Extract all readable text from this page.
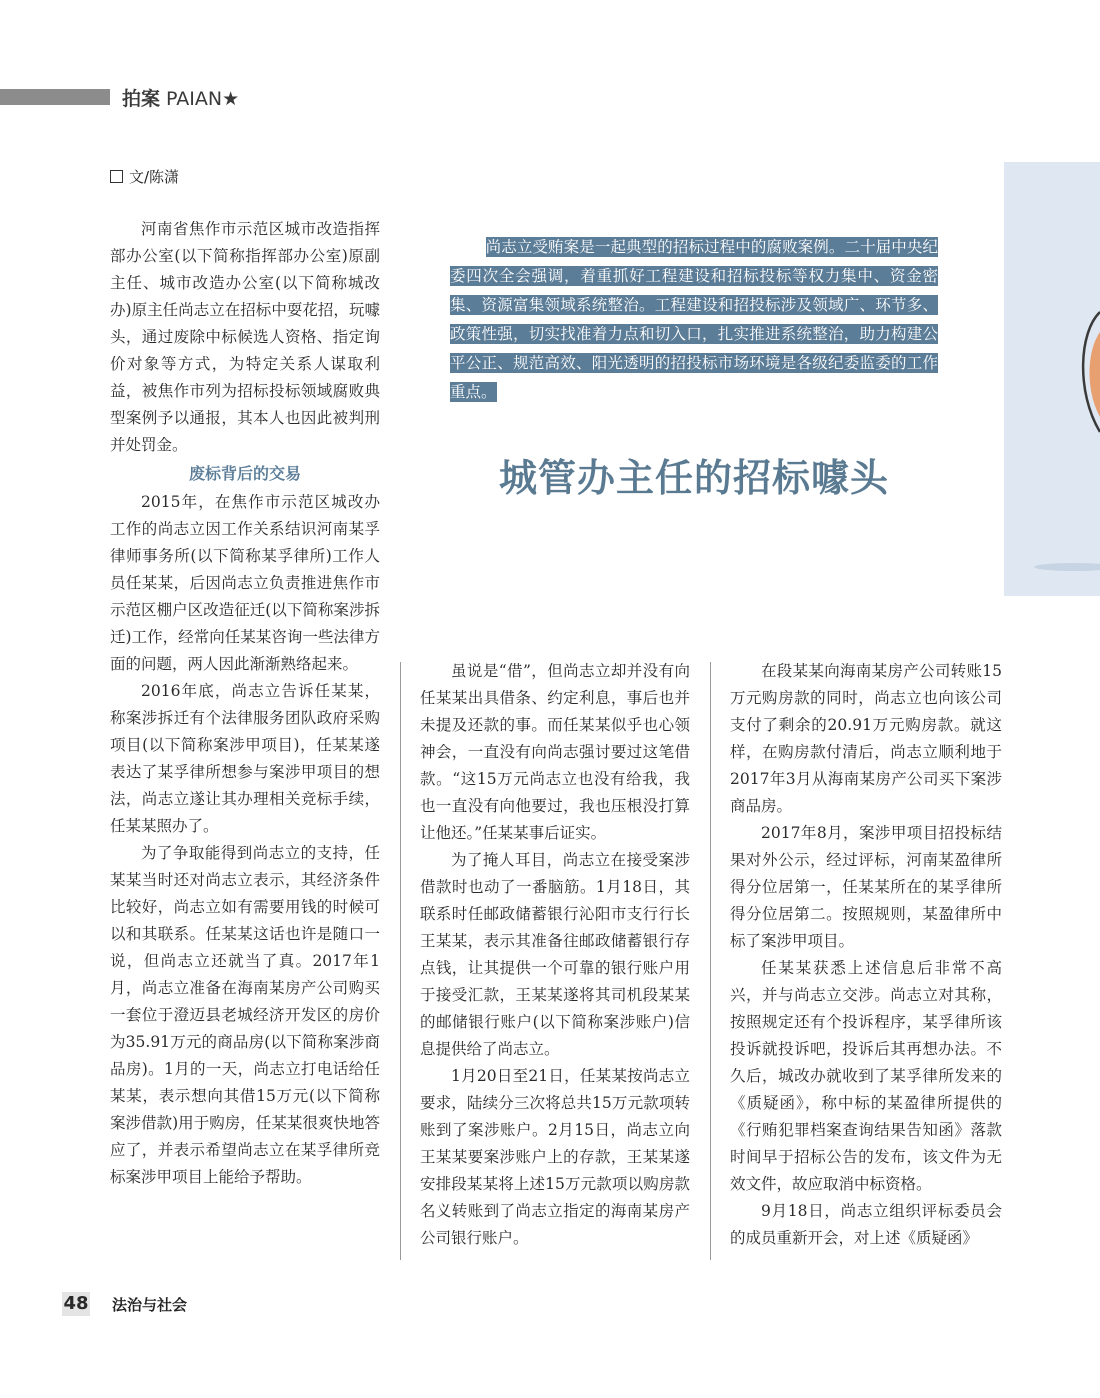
拍案 PAIAN★
文/陈潇

尚志立受贿案是一起典型的招标过程中的腐败案例。二十届中央纪委四次全会强调，着重抓好工程建设和招标投标等权力集中、资金密集、资源富集领域系统整治。工程建设和招投标涉及领域广、环节多、政策性强，切实找准着力点和切入口，扎实推进系统整治，助力构建公平公正、规范高效、阳光透明的招投标市场环境是各级纪委监委的工作重点。

城管办主任的招标噱头

河南省焦作市示范区城市改造指挥部办公室(以下简称指挥部办公室)原副主任、城市改造办公室(以下简称城改办)原主任尚志立在招标中耍花招，玩噱头，通过废除中标候选人资格、指定询价对象等方式，为特定关系人谋取利益，被焦作市列为招标投标领域腐败典型案例予以通报，其本人也因此被判刑并处罚金。

废标背后的交易

2015年，在焦作市示范区城改办工作的尚志立因工作关系结识河南某孚律师事务所(以下简称某孚律所)工作人员任某某，后因尚志立负责推进焦作市示范区棚户区改造征迁(以下简称案涉拆迁)工作，经常向任某某咨询一些法律方面的问题，两人因此渐渐熟络起来。

2016年底，尚志立告诉任某某，称案涉拆迁有个法律服务团队政府采购项目(以下简称案涉甲项目)，任某某遂表达了某孚律所想参与案涉甲项目的想法，尚志立遂让其办理相关竞标手续，任某某照办了。

为了争取能得到尚志立的支持，任某某当时还对尚志立表示，其经济条件比较好，尚志立如有需要用钱的时候可以和其联系。任某某这话也许是随口一说，但尚志立还就当了真。2017年1月，尚志立准备在海南某房产公司购买一套位于澄迈县老城经济开发区的房价为35.91万元的商品房(以下简称案涉商品房)。1月的一天，尚志立打电话给任某某，表示想向其借15万元(以下简称案涉借款)用于购房，任某某很爽快地答应了，并表示希望尚志立在某孚律所竞标案涉甲项目上能给予帮助。

虽说是“借”，但尚志立却并没有向任某某出具借条、约定利息，事后也并未提及还款的事。而任某某似乎也心领神会，一直没有向尚志强讨要过这笔借款。“这15万元尚志立也没有给我，我也一直没有向他要过，我也压根没打算让他还。”任某某事后证实。

为了掩人耳目，尚志立在接受案涉借款时也动了一番脑筋。1月18日，其联系时任邮政储蓄银行沁阳市支行行长王某某，表示其准备往邮政储蓄银行存点钱，让其提供一个可靠的银行账户用于接受汇款，王某某遂将其司机段某某的邮储银行账户(以下简称案涉账户)信息提供给了尚志立。

1月20日至21日，任某某按尚志立要求，陆续分三次将总共15万元款项转账到了案涉账户。2月15日，尚志立向王某某要案涉账户上的存款，王某某遂安排段某某将上述15万元款项以购房款名义转账到了尚志立指定的海南某房产公司银行账户。

在段某某向海南某房产公司转账15万元购房款的同时，尚志立也向该公司支付了剩余的20.91万元购房款。就这样，在购房款付清后，尚志立顺利地于2017年3月从海南某房产公司买下案涉商品房。

2017年8月，案涉甲项目招投标结果对外公示，经过评标，河南某盈律所得分位居第一，任某某所在的某孚律所得分位居第二。按照规则，某盈律所中标了案涉甲项目。

任某某获悉上述信息后非常不高兴，并与尚志立交涉。尚志立对其称，按照规定还有个投诉程序，某孚律所该投诉就投诉吧，投诉后其再想办法。不久后，城改办就收到了某孚律所发来的《质疑函》，称中标的某盈律所提供的《行贿犯罪档案查询结果告知函》落款时间早于招标公告的发布，该文件为无效文件，故应取消中标资格。

9月18日，尚志立组织评标委员会的成员重新开会，对上述《质疑函》

48 法治与社会
